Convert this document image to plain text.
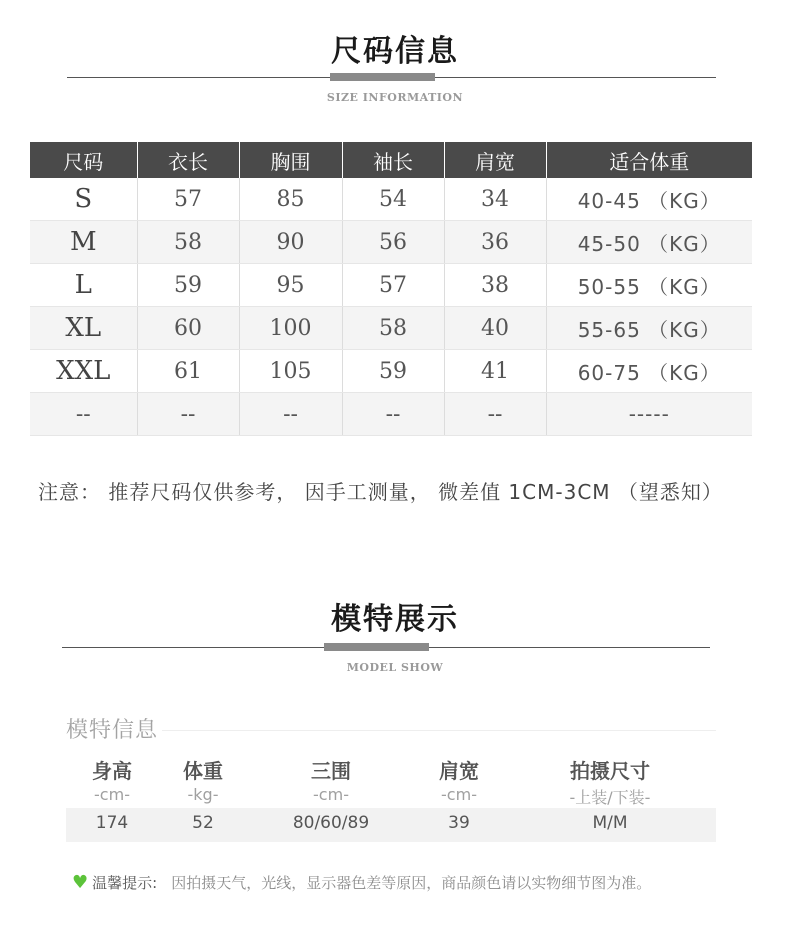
尺码信息
SIZE INFORMATION
尺码	衣长	胸围	袖长	肩宽	适合体重
S	57	85	54	34	40-45 （KG）
M	58	90	56	36	45-50 （KG）
L	59	95	57	38	50-55 （KG）
XL	60	100	58	40	55-65 （KG）
XXL	61	105	59	41	60-75 （KG）
--	--	--	--	--	-----
注意： 推荐尺码仅供参考， 因手工测量， 微差值 1CM-3CM （望悉知）
模特展示
MODEL SHOW
模特信息
身高	体重	三围	肩宽	拍摄尺寸
-cm-	-kg-	-cm-	-cm-	-上装/下装-
174	52	80/60/89	39	M/M
♥ 温馨提示: 因拍摄天气，光线，显示器色差等原因，商品颜色请以实物细节图为准。
